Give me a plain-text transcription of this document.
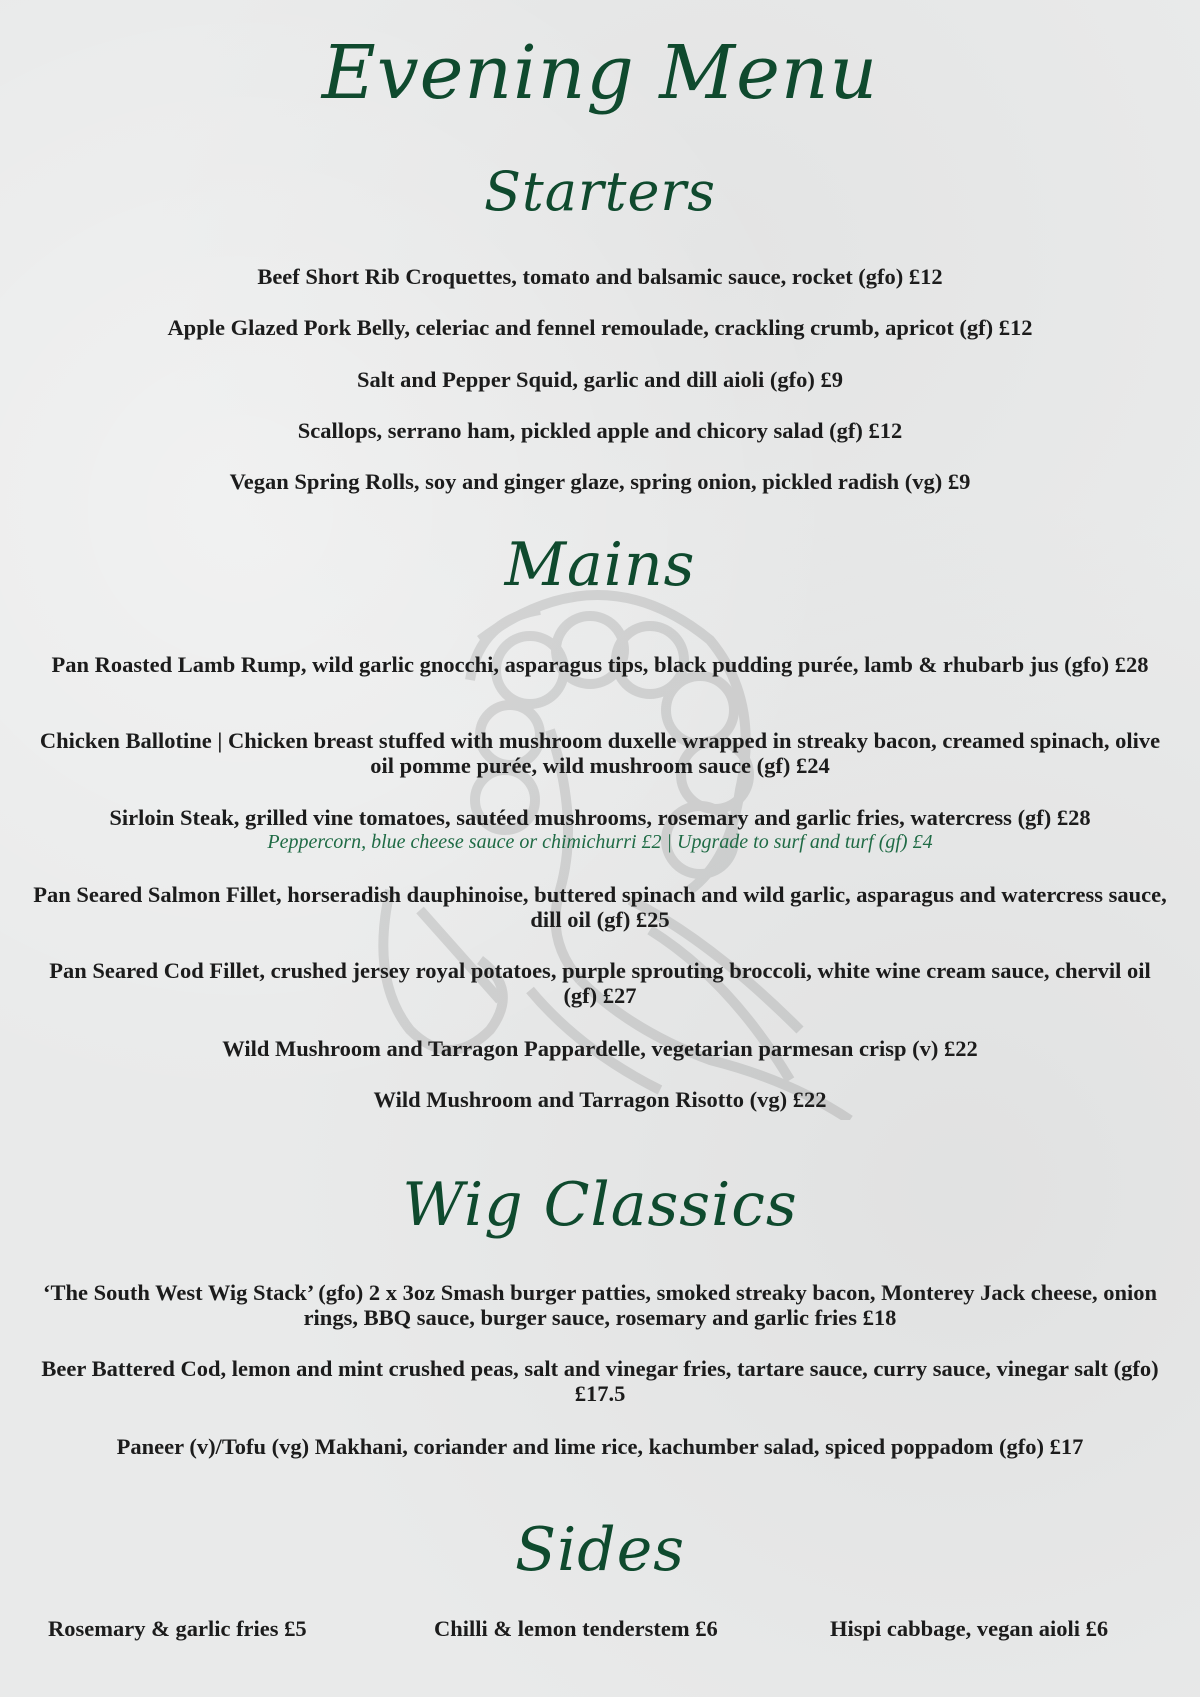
Evening Menu
Starters
Beef Short Rib Croquettes, tomato and balsamic sauce, rocket (gfo) £12
Apple Glazed Pork Belly, celeriac and fennel remoulade, crackling crumb, apricot (gf) £12
Salt and Pepper Squid, garlic and dill aioli (gfo) £9
Scallops, serrano ham, pickled apple and chicory salad (gf) £12
Vegan Spring Rolls, soy and ginger glaze, spring onion, pickled radish (vg) £9
Mains
Pan Roasted Lamb Rump, wild garlic gnocchi, asparagus tips, black pudding purée, lamb & rhubarb jus (gfo) £28
Chicken Ballotine | Chicken breast stuffed with mushroom duxelle wrapped in streaky bacon, creamed spinach, olive oil pomme purée, wild mushroom sauce (gf) £24
Sirloin Steak, grilled vine tomatoes, sautéed mushrooms, rosemary and garlic fries, watercress (gf) £28
Peppercorn, blue cheese sauce or chimichurri £2 | Upgrade to surf and turf (gf) £4
Pan Seared Salmon Fillet, horseradish dauphinoise, buttered spinach and wild garlic, asparagus and watercress sauce, dill oil (gf) £25
Pan Seared Cod Fillet, crushed jersey royal potatoes, purple sprouting broccoli, white wine cream sauce, chervil oil (gf) £27
Wild Mushroom and Tarragon Pappardelle, vegetarian parmesan crisp (v) £22
Wild Mushroom and Tarragon Risotto (vg) £22
Wig Classics
‘The South West Wig Stack’ (gfo) 2 x 3oz Smash burger patties, smoked streaky bacon, Monterey Jack cheese, onion rings, BBQ sauce, burger sauce, rosemary and garlic fries £18
Beer Battered Cod, lemon and mint crushed peas, salt and vinegar fries, tartare sauce, curry sauce, vinegar salt (gfo) £17.5
Paneer (v)/Tofu (vg) Makhani, coriander and lime rice, kachumber salad, spiced poppadom (gfo) £17
Sides
Rosemary & garlic fries £5	Chilli & lemon tenderstem £6	Hispi cabbage, vegan aioli £6
